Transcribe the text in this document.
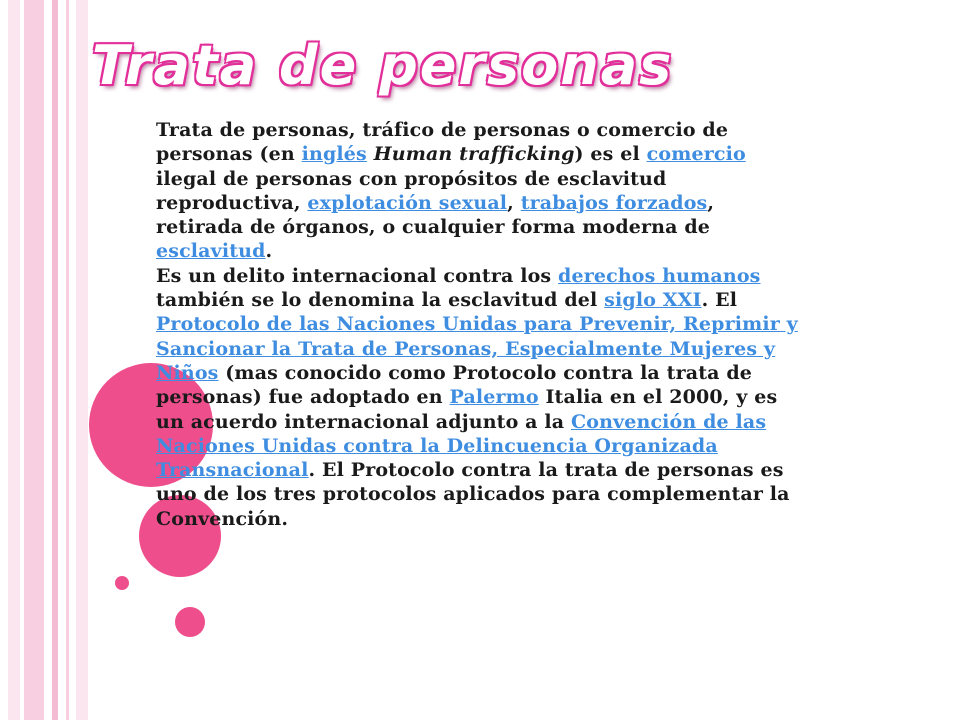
Trata de personas
Trata de personas, tráfico de personas o comercio de personas (en inglés Human trafficking) es el comercio ilegal de personas con propósitos de esclavitud reproductiva, explotación sexual, trabajos forzados, retirada de órganos, o cualquier forma moderna de esclavitud.
Es un delito internacional contra los derechos humanos también se lo denomina la esclavitud del siglo XXI. El Protocolo de las Naciones Unidas para Prevenir, Reprimir y Sancionar la Trata de Personas, Especialmente Mujeres y Niños (mas conocido como Protocolo contra la trata de personas) fue adoptado en Palermo Italia en el 2000, y es un acuerdo internacional adjunto a la Convención de las Naciones Unidas contra la Delincuencia Organizada Transnacional. El Protocolo contra la trata de personas es uno de los tres protocolos aplicados para complementar la Convención.
